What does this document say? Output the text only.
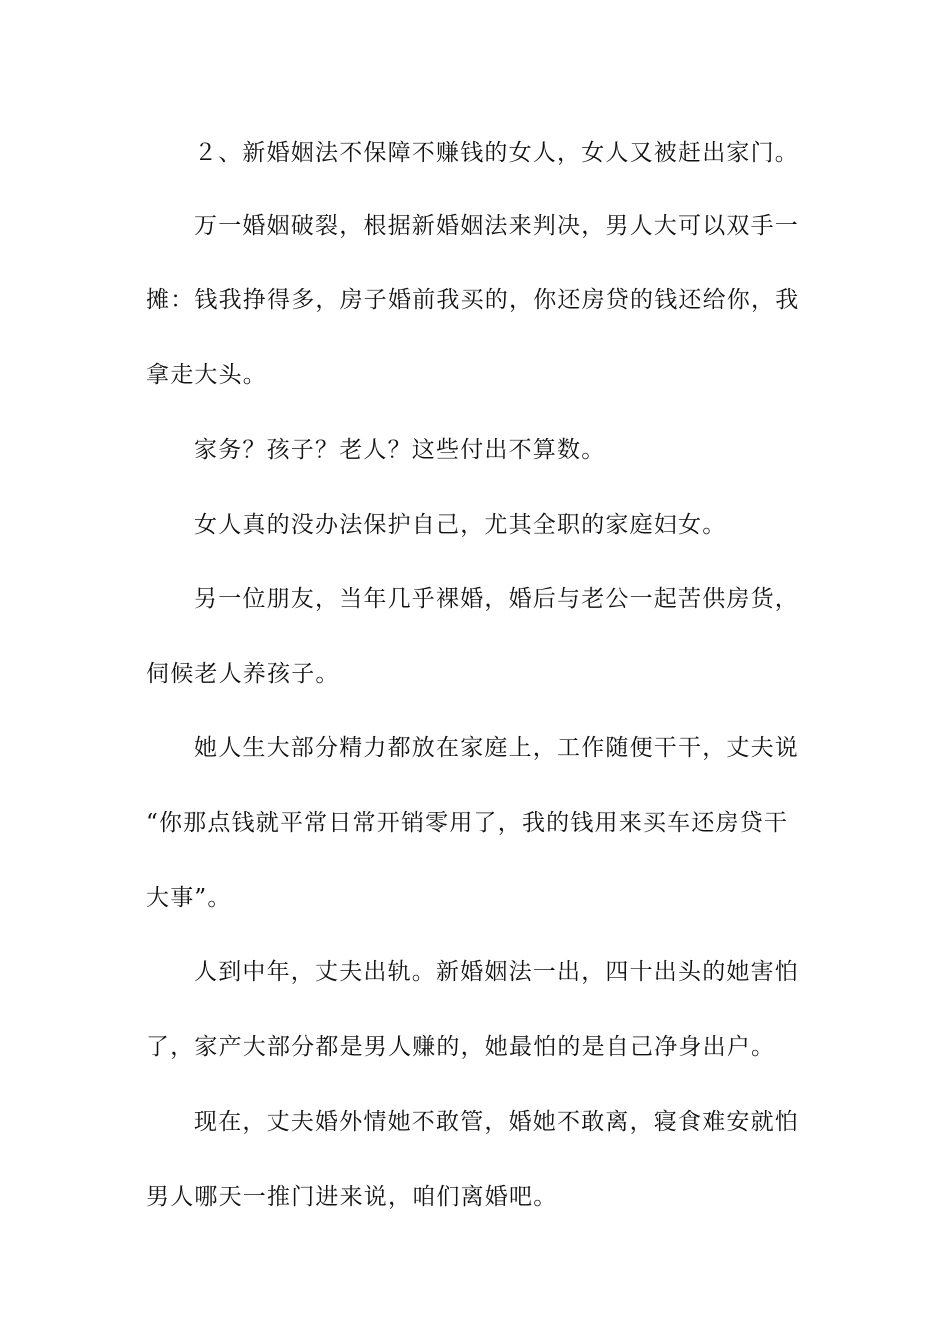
２、新婚姻法不保障不赚钱的女人，女人又被赶出家门。
万一婚姻破裂，根据新婚姻法来判决，男人大可以双手一
摊：钱我挣得多，房子婚前我买的，你还房贷的钱还给你，我
拿走大头。
家务？孩子？老人？这些付出不算数。
女人真的没办法保护自己，尤其全职的家庭妇女。
另一位朋友，当年几乎裸婚，婚后与老公一起苦供房货，
伺候老人养孩子。
她人生大部分精力都放在家庭上，工作随便干干，丈夫说
“你那点钱就平常日常开销零用了，我的钱用来买车还房贷干
大事”。
人到中年，丈夫出轨。新婚姻法一出，四十出头的她害怕
了，家产大部分都是男人赚的，她最怕的是自己净身出户。
现在，丈夫婚外情她不敢管，婚她不敢离，寝食难安就怕
男人哪天一推门进来说，咱们离婚吧。
